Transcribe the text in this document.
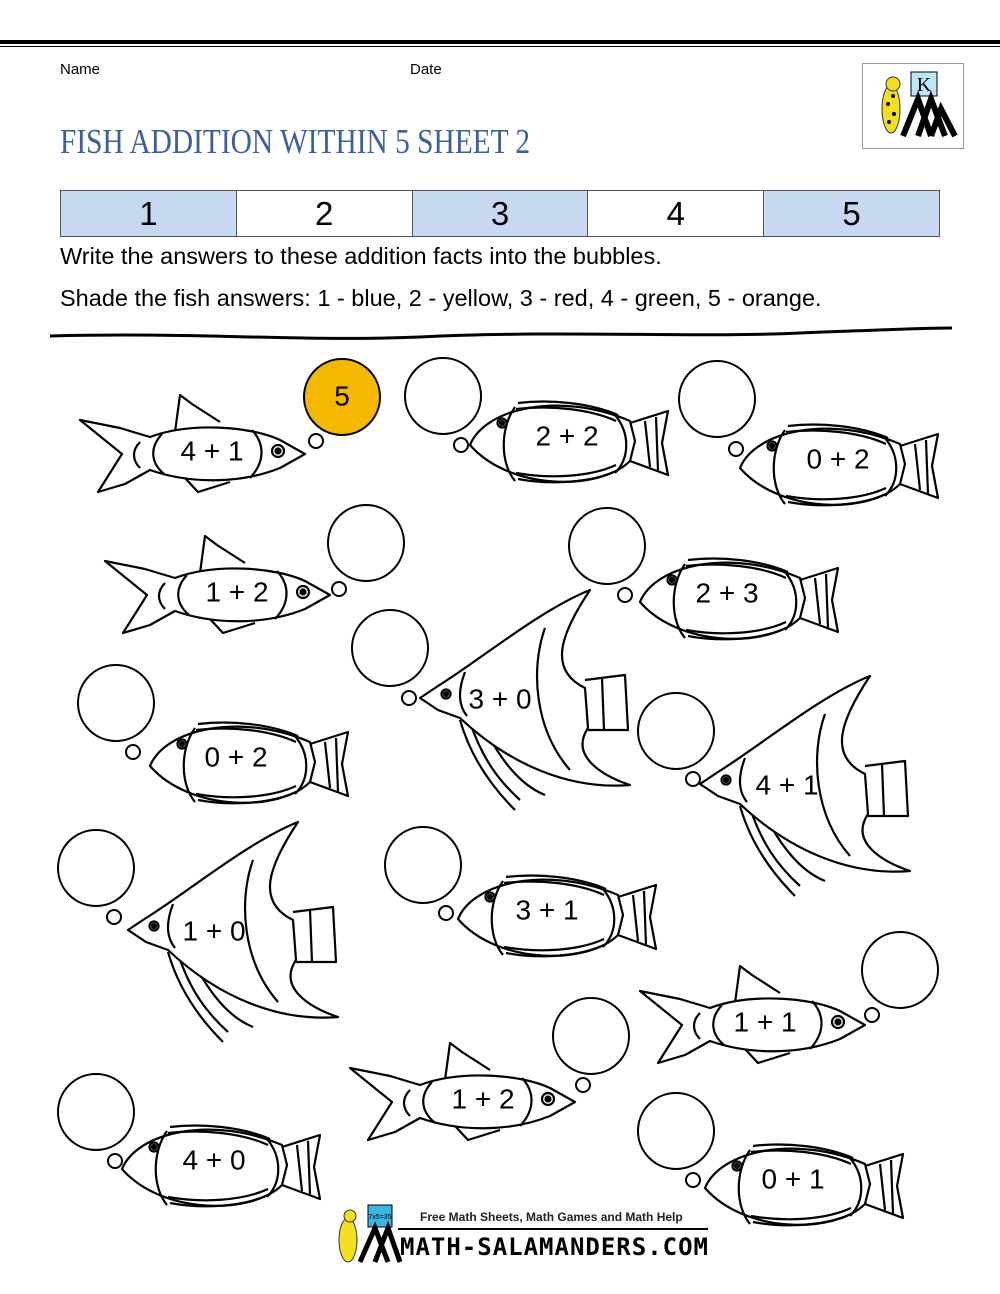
Name	Date
K
FISH ADDITION WITHIN 5 SHEET 2
1	2	3	4	5
Write the answers to these addition facts into the bubbles.
Shade the fish answers: 1 - blue, 2 - yellow, 3 - red, 4 - green, 5 - orange.
4 + 1
5
2 + 2
0 + 2
1 + 2	2 + 3
3 + 0
0 + 2
4 + 1
1 + 0
3 + 1
1 + 1
1 + 2
4 + 0
0 + 1
7x5=35 Free Math Sheets, Math Games and Math Help
MATH-SALAMANDERS.COM
